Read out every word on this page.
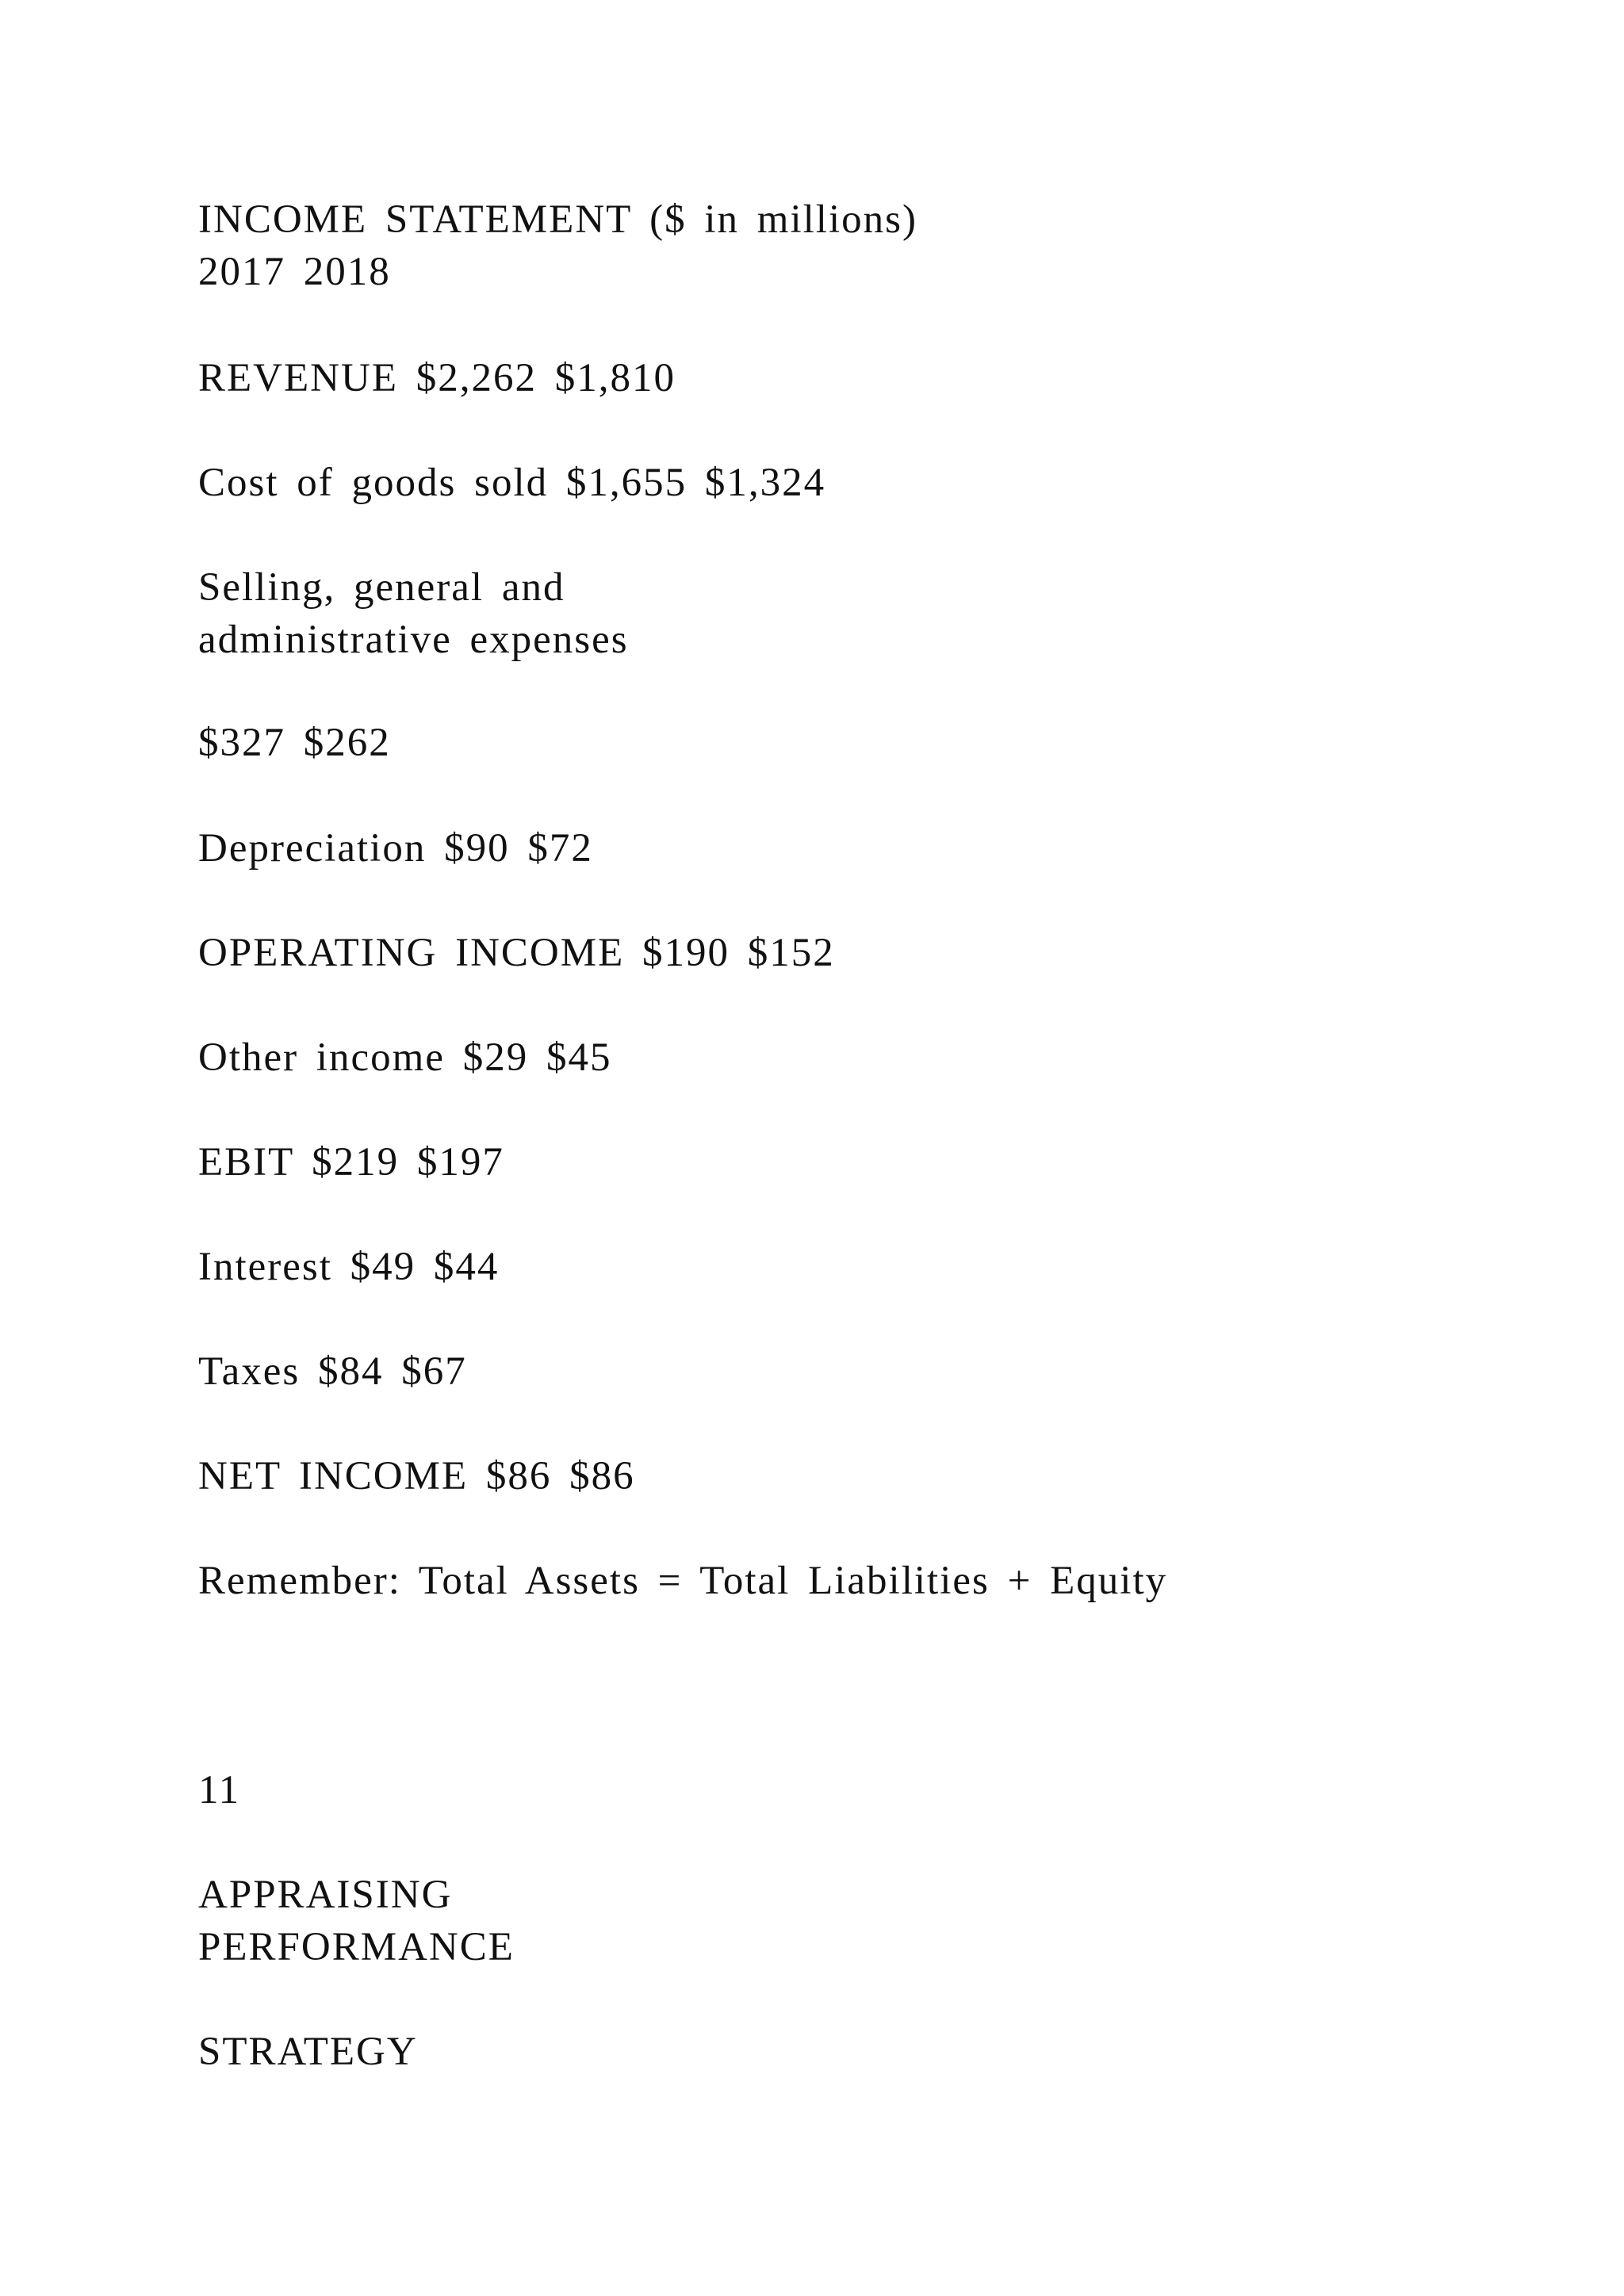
INCOME STATEMENT ($ in millions)
2017 2018
REVENUE $2,262 $1,810
Cost of goods sold $1,655 $1,324
Selling, general and
administrative expenses
$327 $262
Depreciation $90 $72
OPERATING INCOME $190 $152
Other income $29 $45
EBIT $219 $197
Interest $49 $44
Taxes $84 $67
NET INCOME $86 $86
Remember: Total Assets = Total Liabilities + Equity
11
APPRAISING
PERFORMANCE
STRATEGY
